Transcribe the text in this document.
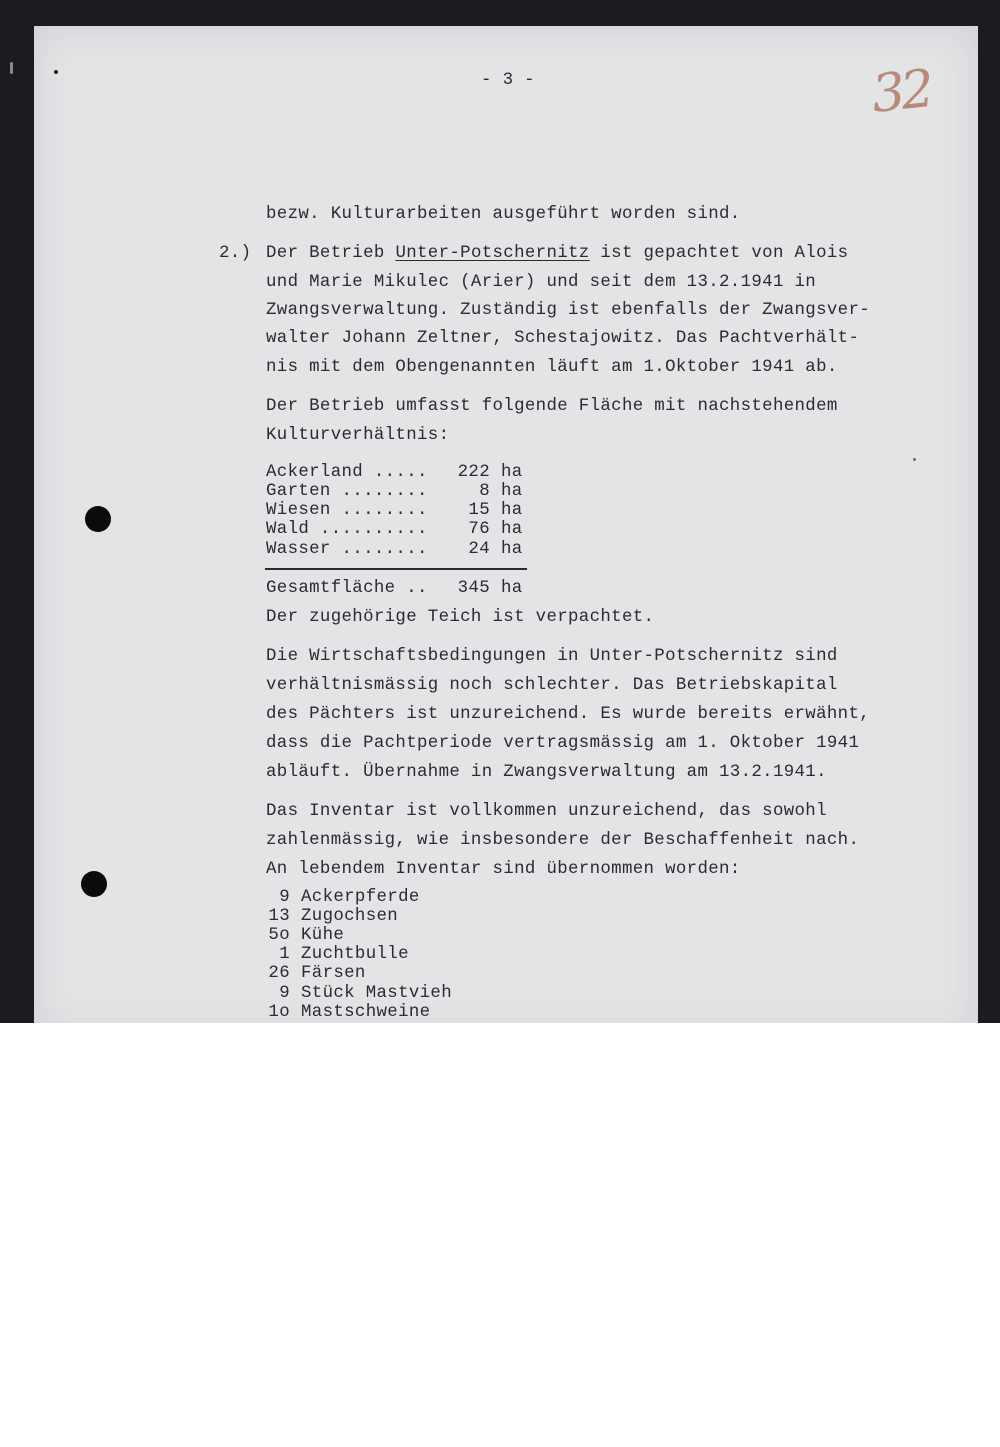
- 3 -	32
bezw. Kulturarbeiten ausgeführt worden sind.
2.) Der Betrieb Unter-Potschernitz ist gepachtet von Alois
und Marie Mikulec (Arier) und seit dem 13.2.1941 in
Zwangsverwaltung. Zuständig ist ebenfalls der Zwangsver-
walter Johann Zeltner, Schestajowitz. Das Pachtverhält-
nis mit dem Obengenannten läuft am 1.Oktober 1941 ab.
Der Betrieb umfasst folgende Fläche mit nachstehendem
Kulturverhältnis:
Ackerland .....	222 ha
Garten ........	8 ha
Wiesen ........	15 ha
Wald ..........	76 ha
Wasser ........	24 ha
Gesamtfläche ..	345 ha
Der zugehörige Teich ist verpachtet.
Die Wirtschaftsbedingungen in Unter-Potschernitz sind
verhältnismässig noch schlechter. Das Betriebskapital
des Pächters ist unzureichend. Es wurde bereits erwähnt,
dass die Pachtperiode vertragsmässig am 1. Oktober 1941
abläuft. Übernahme in Zwangsverwaltung am 13.2.1941.
Das Inventar ist vollkommen unzureichend, das sowohl
zahlenmässig, wie insbesondere der Beschaffenheit nach.
An lebendem Inventar sind übernommen worden:
9 Ackerpferde
13 Zugochsen
5o Kühe
1 Zuchtbulle
26 Färsen
9 Stück Mastvieh
1o Mastschweine
